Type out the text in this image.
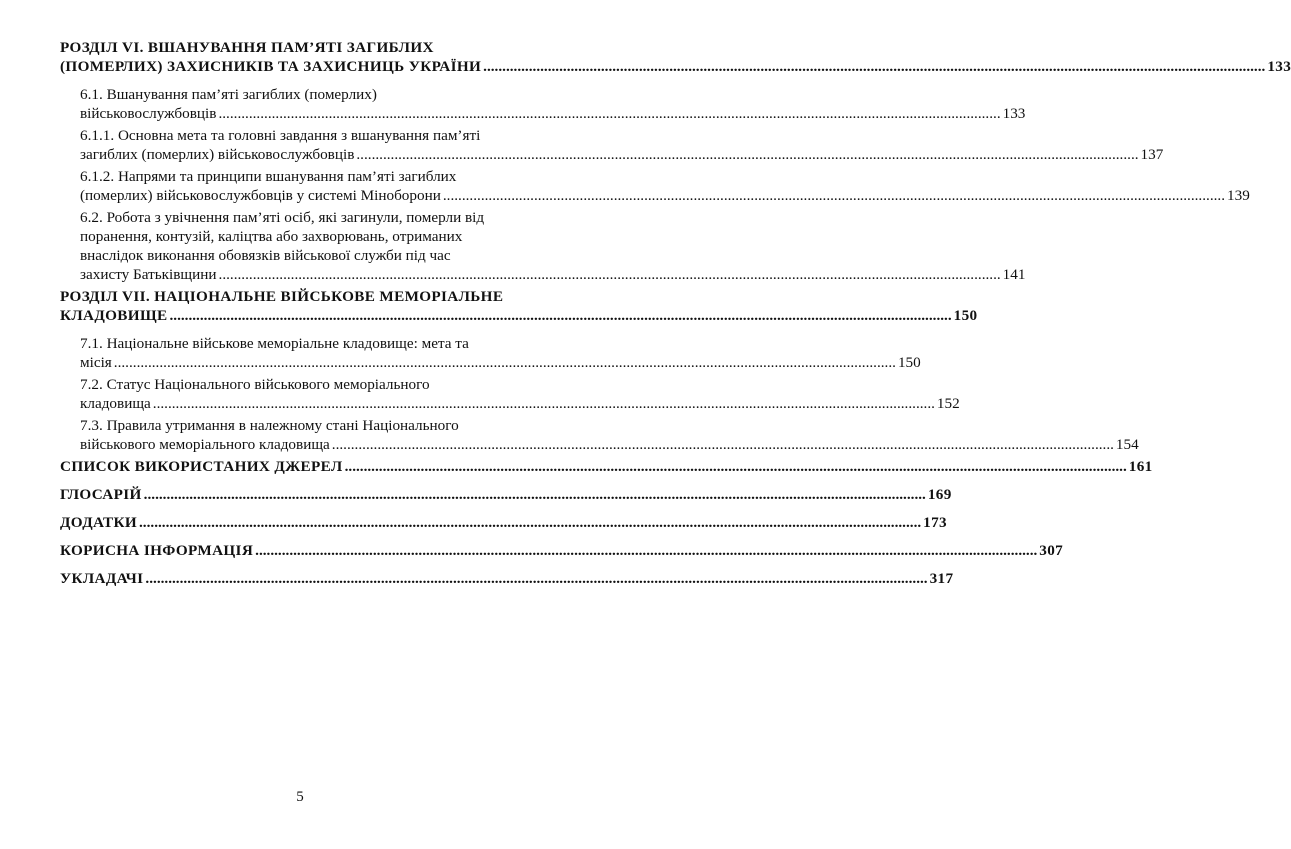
РОЗДІЛ VI. ВШАНУВАННЯ ПАМ’ЯТІ ЗАГИБЛИХ
(ПОМЕРЛИХ) ЗАХИСНИКІВ ТА ЗАХИСНИЦЬ УКРАЇНИ .....	133
6.1. Вшанування пам’яті загиблих (померлих)
військовослужбовців .....	133
6.1.1. Основна мета та головні завдання з вшанування пам’яті
загиблих (померлих) військовослужбовців .....	137
6.1.2. Напрями та принципи вшанування пам’яті загиблих
(померлих) військовослужбовців у системі Міноборони .....	139
6.2. Робота з увічнення пам’яті осіб, які загинули, померли від
поранення, контузій, каліцтва або захворювань, отриманих
внаслідок виконання обовязків військової служби під час
захисту Батьківщини .....	141
РОЗДІЛ VII. НАЦІОНАЛЬНЕ ВІЙСЬКОВЕ МЕМОРІАЛЬНЕ
КЛАДОВИЩЕ .....	150
7.1. Національне військове меморіальне кладовище: мета та
місія .....	150
7.2. Статус Національного військового меморіального
кладовища .....	152
7.3. Правила утримання в належному стані Національного
військового меморіального кладовища .....	154
СПИСОК ВИКОРИСТАНИХ ДЖЕРЕЛ .....	161
ГЛОСАРІЙ .....	169
ДОДАТКИ .....	173
КОРИСНА ІНФОРМАЦІЯ .....	307
УКЛАДАЧІ .....	317
5
